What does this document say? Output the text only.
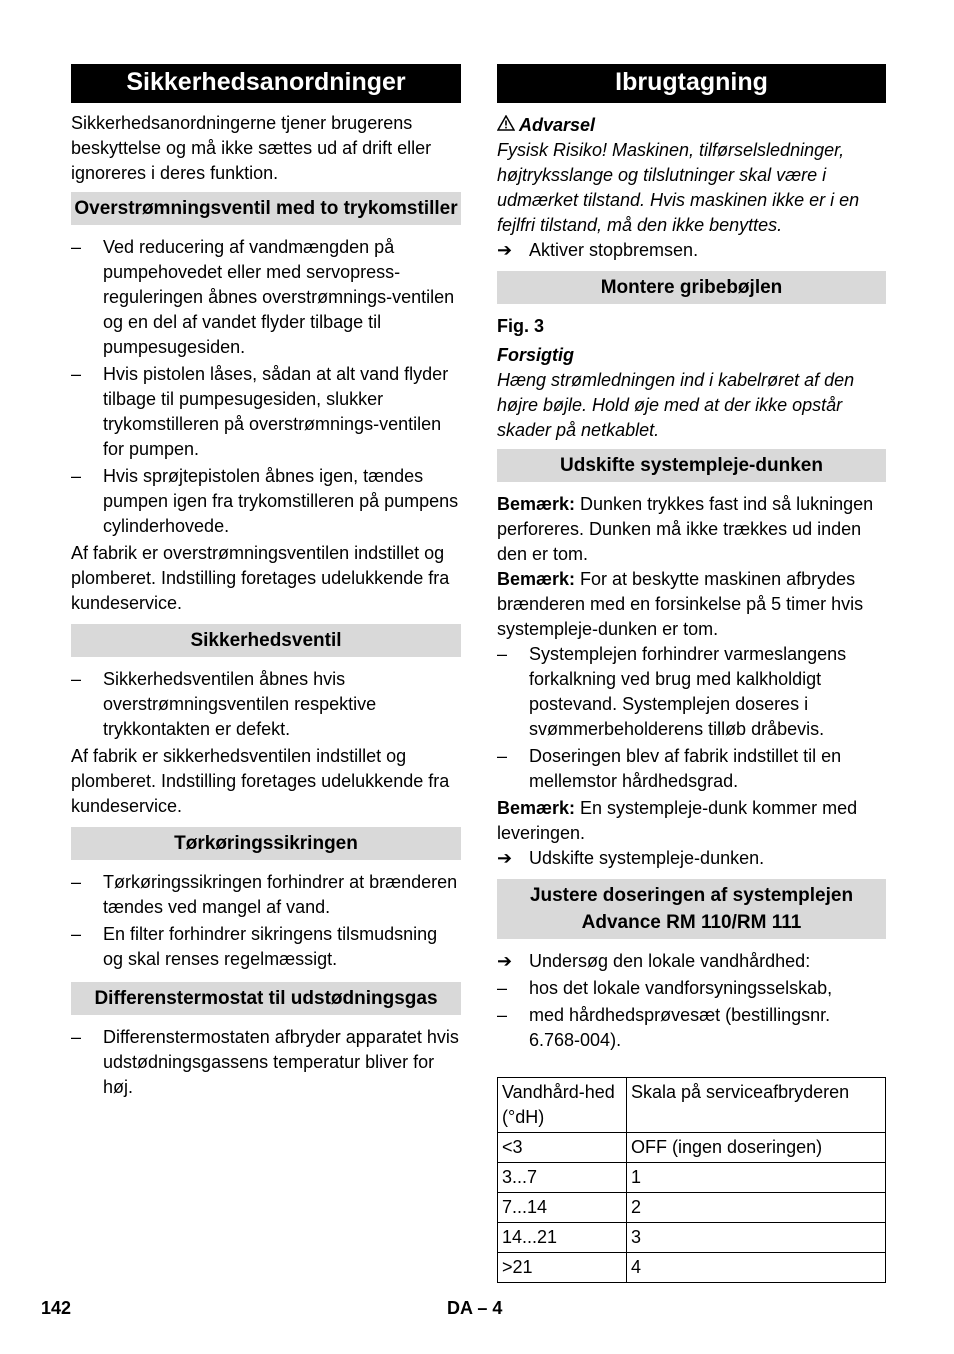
Sikkerhedsanordninger

Sikkerhedsanordningerne tjener brugerens beskyttelse og må ikke sættes ud af drift eller ignoreres i deres funktion.

Overstrømningsventil med to trykomstiller
–	Ved reducering af vandmængden på pumpehovedet eller med servopress-reguleringen åbnes overstrømnings-ventilen og en del af vandet flyder tilbage til pumpesugesiden.
–	Hvis pistolen låses, sådan at alt vand flyder tilbage til pumpesugesiden, slukker trykomstilleren på overstrømnings-ventilen for pumpen.
–	Hvis sprøjtepistolen åbnes igen, tændes pumpen igen fra trykomstilleren på pumpens cylinderhovede.

Af fabrik er overstrømningsventilen indstillet og plomberet. Indstilling foretages udelukkende fra kundeservice.

Sikkerhedsventil
–	Sikkerhedsventilen åbnes hvis overstrømningsventilen respektive trykkontakten er defekt.

Af fabrik er sikkerhedsventilen indstillet og plomberet. Indstilling foretages udelukkende fra kundeservice.

Tørkøringssikringen
–	Tørkøringssikringen forhindrer at brænderen tændes ved mangel af vand.
–	En filter forhindrer sikringens tilsmudsning og skal renses regelmæssigt.
Differenstermostat til udstødningsgas
–	Differenstermostaten afbryder apparatet hvis udstødningsgassens temperatur bliver for høj.
Ibrugtagning

Advarsel

Fysisk Risiko! Maskinen, tilførselsledninger, højtryksslange og tilslutninger skal være i udmærket tilstand. Hvis maskinen ikke er i en fejlfri tilstand, må den ikke benyttes.

➔ Aktiver stopbremsen.
Montere gribebøjlen

Fig. 3

Forsigtig

Hæng strømledningen ind i kabelrøret af den højre bøjle. Hold øje med at der ikke opstår skader på netkablet.

Udskifte systempleje-dunken

Bemærk: Dunken trykkes fast ind så lukningen perforeres. Dunken må ikke trækkes ud inden den er tom.

Bemærk: For at beskytte maskinen afbrydes brænderen med en forsinkelse på 5 timer hvis systempleje-dunken er tom.

–	Systemplejen forhindrer varmeslangens forkalkning ved brug med kalkholdigt postevand. Systemplejen doseres i svømmerbeholderens tilløb dråbevis.
–	Doseringen blev af fabrik indstillet til en mellemstor hårdhedsgrad.

Bemærk: En systempleje-dunk kommer med leveringen.

➔ Udskifte systempleje-dunken.
Justere doseringen af systemplejen Advance RM 110/RM 111
➔ Undersøg den lokale vandhårdhed:
–	hos det lokale vandforsyningsselskab,
–	med hårdhedsprøvesæt (bestillingsnr. 6.768-004).
Vandhård-hed (°dH)	Skala på serviceafbryderen
<3	OFF (ingen doseringen)
3...7	1
7...14	2
14...21	3
>21	4
142	DA – 4
